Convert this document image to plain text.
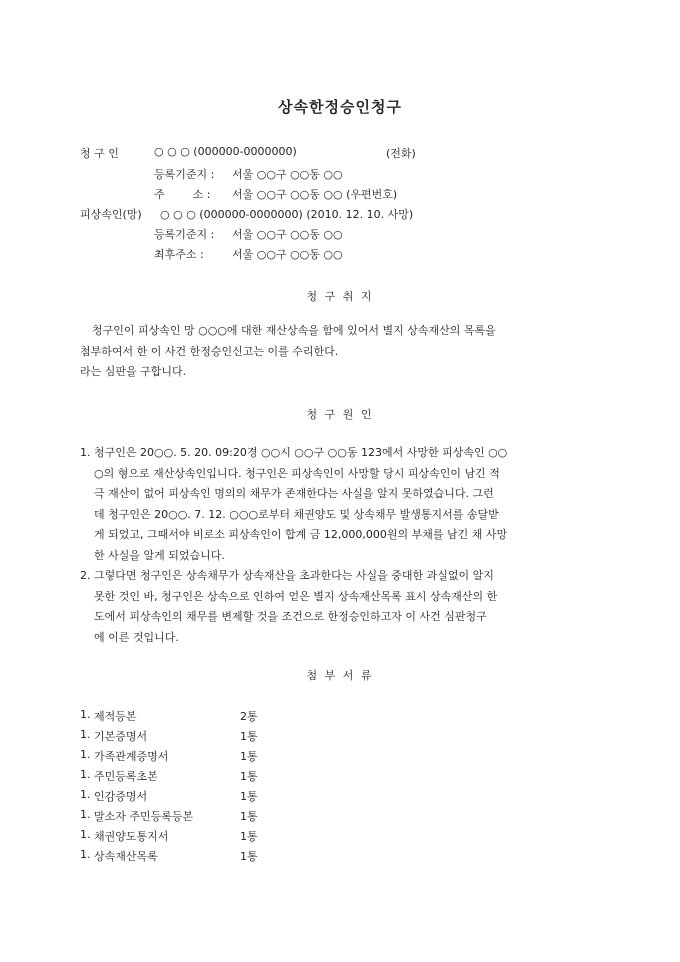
상속한정승인청구
청 구 인	○ ○ ○ (000000-0000000)	(전화)
등록기준지 : 서울 ○○구 ○○동 ○○
주        소 : 서울 ○○구 ○○동 ○○ (우편번호)
피상속인(망) ○ ○ ○ (000000-0000000) (2010. 12. 10. 사망)
등록기준지 : 서울 ○○구 ○○동 ○○
최후주소 :	서울 ○○구 ○○동 ○○
청 구 취 지
청구인이 피상속인 망 ○○○에 대한 재산상속을 함에 있어서 별지 상속재산의 목록을
첨부하여서 한 이 사건 한정승인신고는 이를 수리한다.
라는 심판을 구합니다.
청 구 원 인
1. 청구인은 20○○. 5. 20. 09:20경 ○○시 ○○구 ○○동 123에서 사망한 피상속인 ○○
○의 형으로 재산상속인입니다. 청구인은 피상속인이 사망할 당시 피상속인이 남긴 적
극 재산이 없어 피상속인 명의의 채무가 존재한다는 사실을 알지 못하였습니다. 그런
데 청구인은 20○○. 7. 12. ○○○로부터 채권양도 및 상속채무 발생통지서를 송달받
게 되었고, 그때서야 비로소 피상속인이 합계 금 12,000,000원의 부채를 남긴 채 사망
한 사실을 알게 되었습니다.
2. 그렇다면 청구인은 상속채무가 상속재산을 초과한다는 사실을 중대한 과실없이 알지
못한 것인 바, 청구인은 상속으로 인하여 얻은 별지 상속재산목록 표시 상속재산의 한
도에서 피상속인의 채무를 변제할 것을 조건으로 한정승인하고자 이 사건 심판청구
에 이른 것입니다.
첨 부 서 류
1. 제적등본	2통
1. 기본증명서	1통
1. 가족관계증명서	1통
1. 주민등록초본	1통
1. 인감증명서	1통
1. 말소자 주민등록등본	1통
1. 채권양도통지서	1통
1. 상속재산목록	1통
